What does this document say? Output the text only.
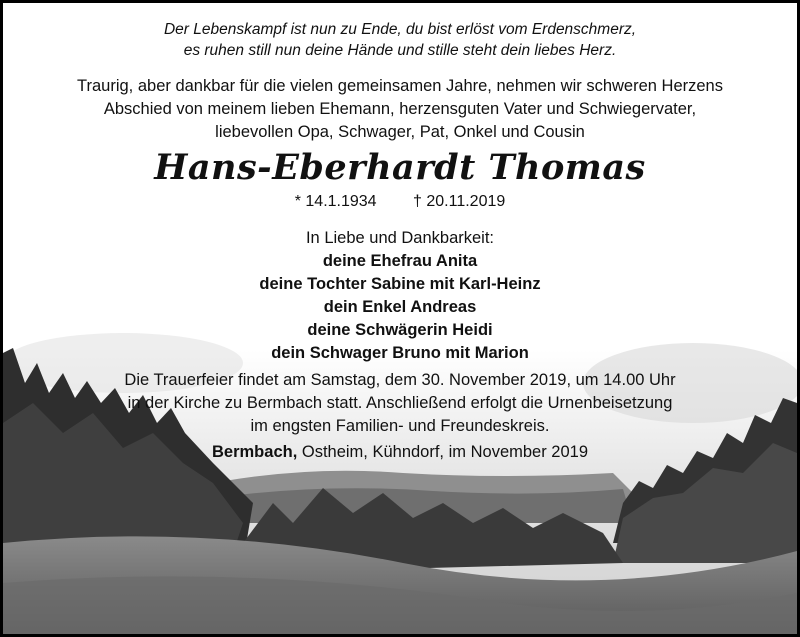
Der Lebenskampf ist nun zu Ende, du bist erlöst vom Erdenschmerz,
es ruhen still nun deine Hände und stille steht dein liebes Herz.
Traurig, aber dankbar für die vielen gemeinsamen Jahre, nehmen wir schweren Herzens
Abschied von meinem lieben Ehemann, herzensguten Vater und Schwiegervater,
liebevollen Opa, Schwager, Pat, Onkel und Cousin
Hans-Eberhardt Thomas
* 14.1.1934 † 20.11.2019
In Liebe und Dankbarkeit:
deine Ehefrau Anita
deine Tochter Sabine mit Karl-Heinz
dein Enkel Andreas
deine Schwägerin Heidi
dein Schwager Bruno mit Marion
Die Trauerfeier findet am Samstag, dem 30. November 2019, um 14.00 Uhr
in der Kirche zu Bermbach statt. Anschließend erfolgt die Urnenbeisetzung
im engsten Familien- und Freundeskreis.
Bermbach, Ostheim, Kühndorf, im November 2019
